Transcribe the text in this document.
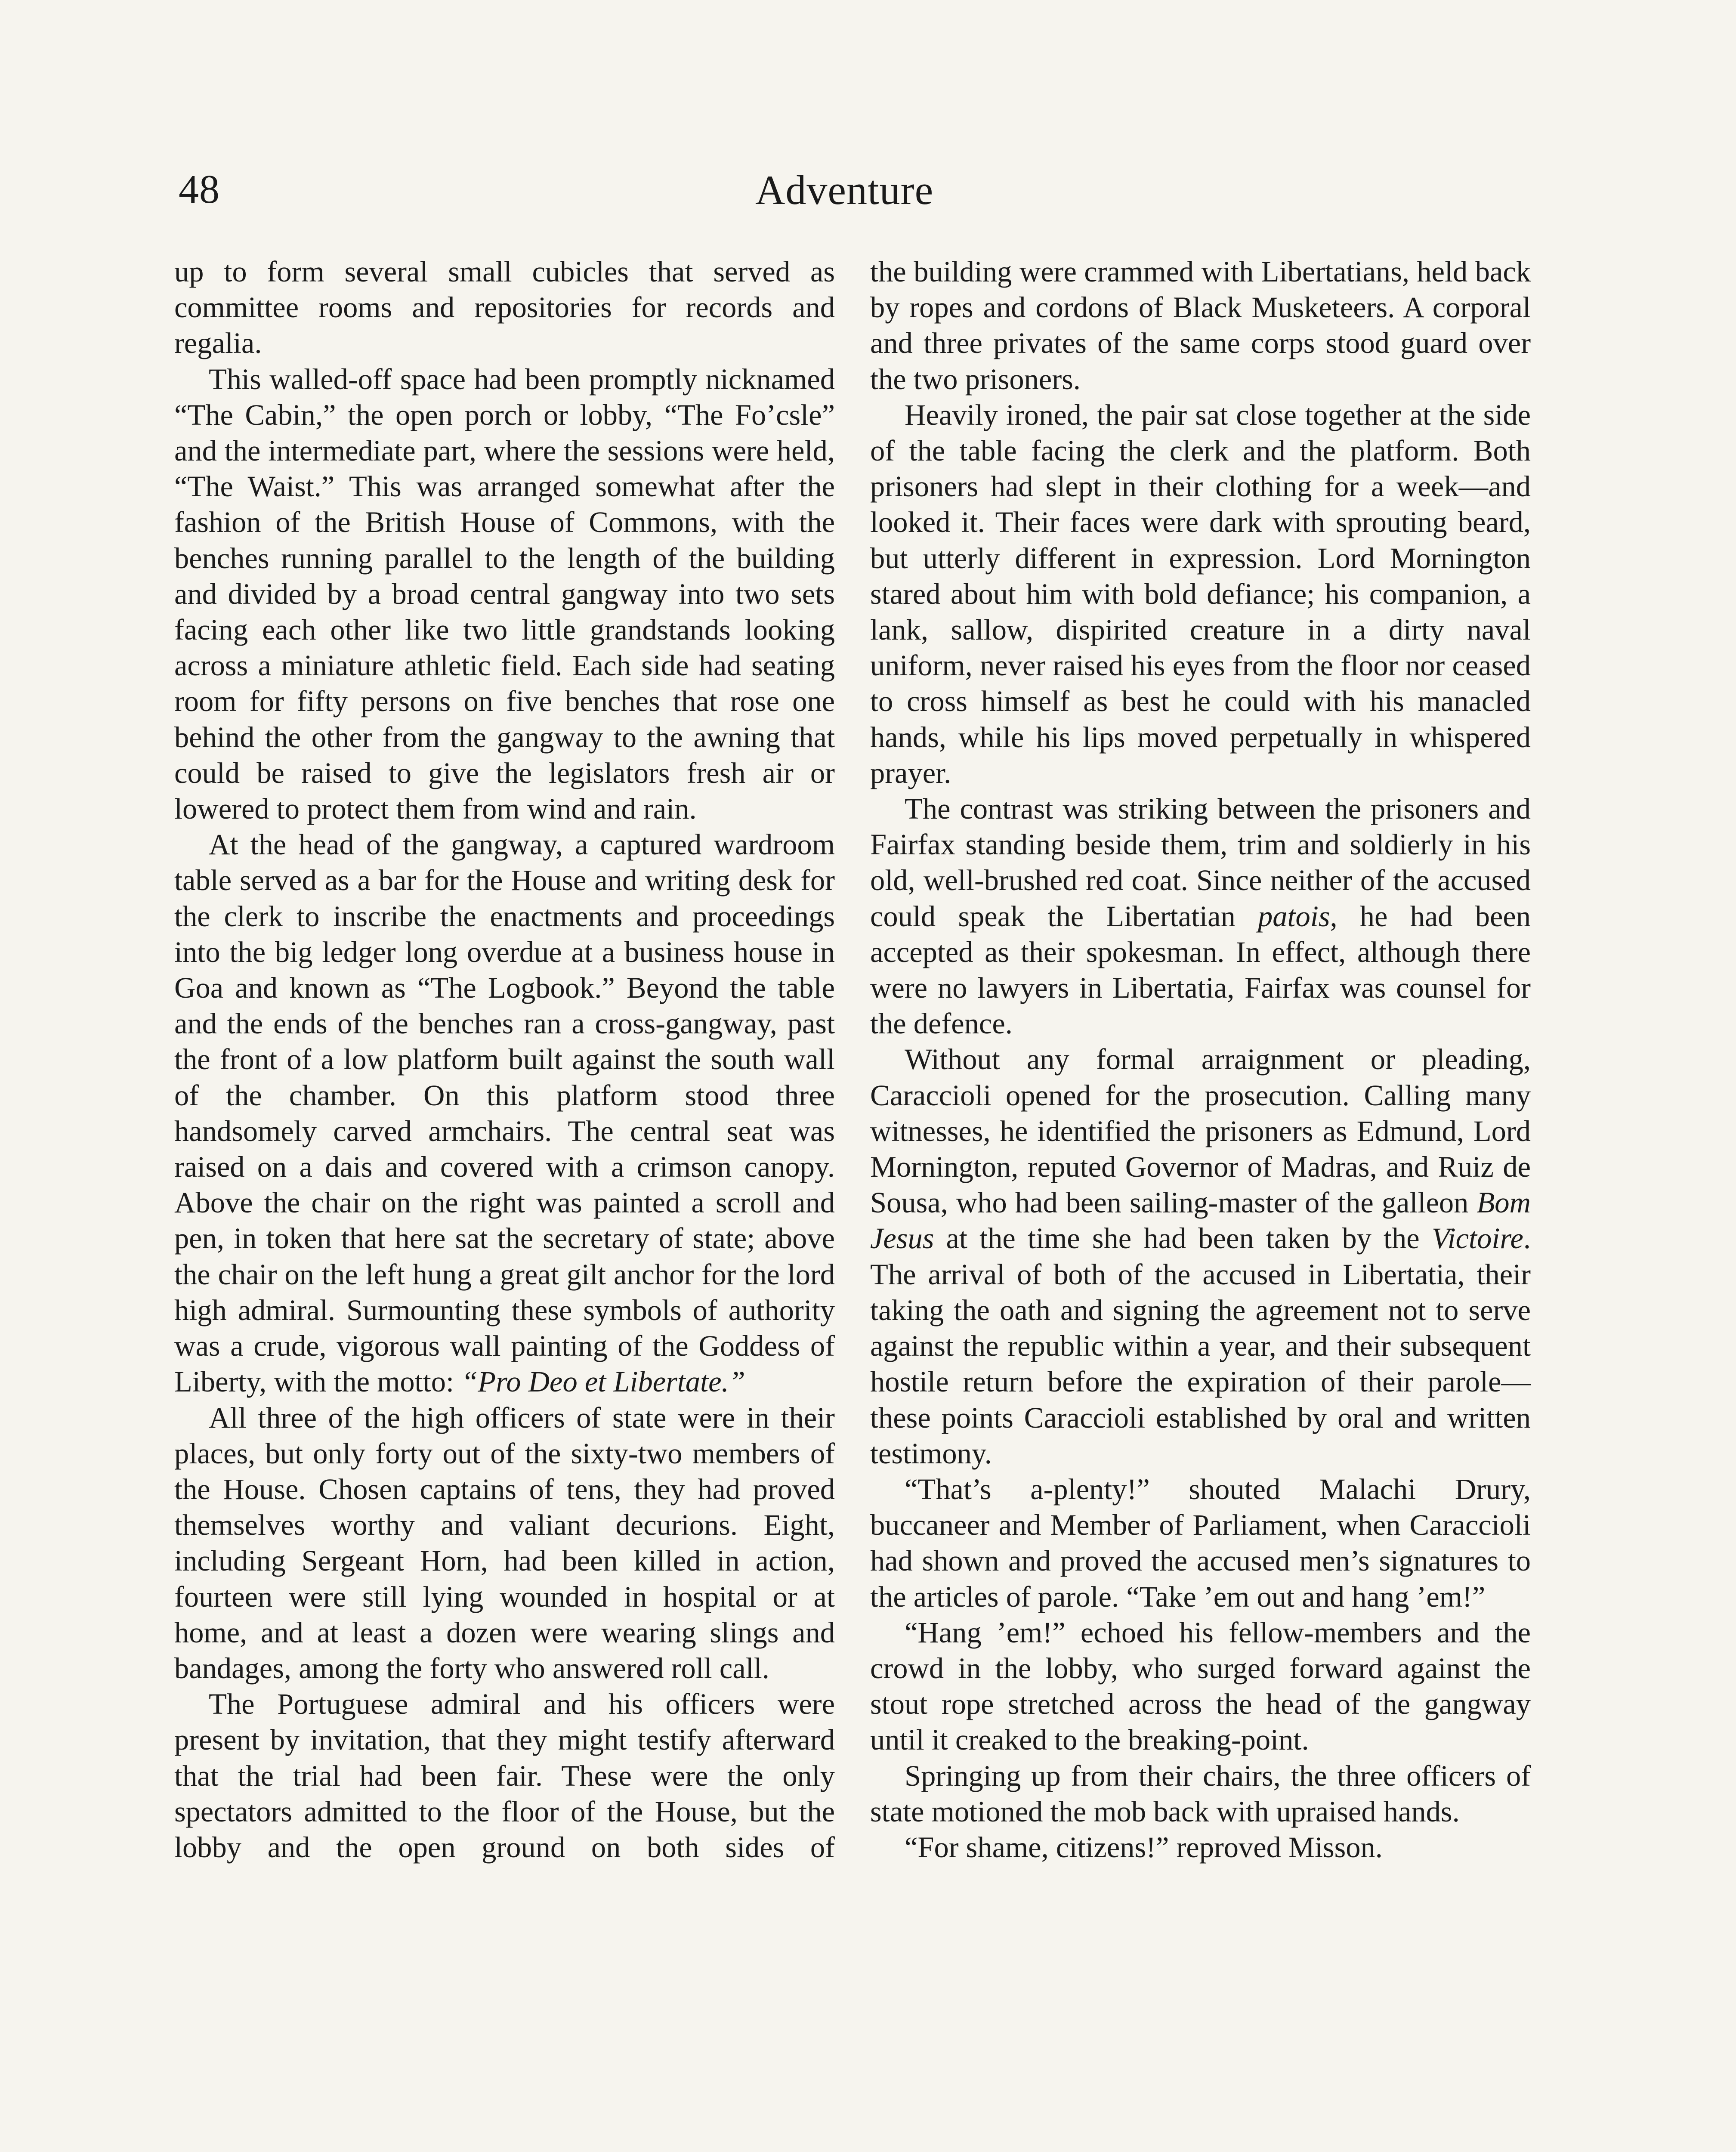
48	Adventure

up to form several small cubicles that served as committee rooms and repositories for records and regalia.

This walled-off space had been promptly nicknamed “The Cabin,” the open porch or lobby, “The Fo’csle” and the intermediate part, where the sessions were held, “The Waist.” This was arranged somewhat after the fashion of the British House of Commons, with the benches running parallel to the length of the building and divided by a broad central gangway into two sets facing each other like two little grandstands looking across a miniature athletic field. Each side had seating room for fifty persons on five benches that rose one behind the other from the gangway to the awning that could be raised to give the legislators fresh air or lowered to protect them from wind and rain.

At the head of the gangway, a captured wardroom table served as a bar for the House and writing desk for the clerk to inscribe the enactments and proceedings into the big ledger long overdue at a business house in Goa and known as “The Logbook.” Beyond the table and the ends of the benches ran a cross-gangway, past the front of a low platform built against the south wall of the chamber. On this platform stood three handsomely carved armchairs. The central seat was raised on a dais and covered with a crimson canopy. Above the chair on the right was painted a scroll and pen, in token that here sat the secretary of state; above the chair on the left hung a great gilt anchor for the lord high admiral. Surmounting these symbols of authority was a crude, vigorous wall painting of the Goddess of Liberty, with the motto: “Pro Deo et Libertate.”

All three of the high officers of state were in their places, but only forty out of the sixty-two members of the House. Chosen captains of tens, they had proved themselves worthy and valiant decurions. Eight, including Sergeant Horn, had been killed in action, fourteen were still lying wounded in hospital or at home, and at least a dozen were wearing slings and bandages, among the forty who answered roll call.

The Portuguese admiral and his officers were present by invitation, that they might testify afterward that the trial had been fair. These were the only spectators admitted to the floor of the House, but the lobby and the open ground on both sides of

the building were crammed with Libertatians, held back by ropes and cordons of Black Musketeers. A corporal and three privates of the same corps stood guard over the two prisoners.

Heavily ironed, the pair sat close together at the side of the table facing the clerk and the platform. Both prisoners had slept in their clothing for a week—and looked it. Their faces were dark with sprouting beard, but utterly different in expression. Lord Mornington stared about him with bold defiance; his companion, a lank, sallow, dispirited creature in a dirty naval uniform, never raised his eyes from the floor nor ceased to cross himself as best he could with his manacled hands, while his lips moved perpetually in whispered prayer.

The contrast was striking between the prisoners and Fairfax standing beside them, trim and soldierly in his old, well-brushed red coat. Since neither of the accused could speak the Libertatian patois, he had been accepted as their spokesman. In effect, although there were no lawyers in Libertatia, Fairfax was counsel for the defence.

Without any formal arraignment or pleading, Caraccioli opened for the prosecution. Calling many witnesses, he identified the prisoners as Edmund, Lord Mornington, reputed Governor of Madras, and Ruiz de Sousa, who had been sailing-master of the galleon Bom Jesus at the time she had been taken by the Victoire. The arrival of both of the accused in Libertatia, their taking the oath and signing the agreement not to serve against the republic within a year, and their subsequent hostile return before the expiration of their parole—these points Caraccioli established by oral and written testimony.

“That’s a-plenty!” shouted Malachi Drury, buccaneer and Member of Parliament, when Caraccioli had shown and proved the accused men’s signatures to the articles of parole. “Take ’em out and hang ’em!”

“Hang ’em!” echoed his fellow-members and the crowd in the lobby, who surged forward against the stout rope stretched across the head of the gangway until it creaked to the breaking-point.

Springing up from their chairs, the three officers of state motioned the mob back with upraised hands.

“For shame, citizens!” reproved Misson.
